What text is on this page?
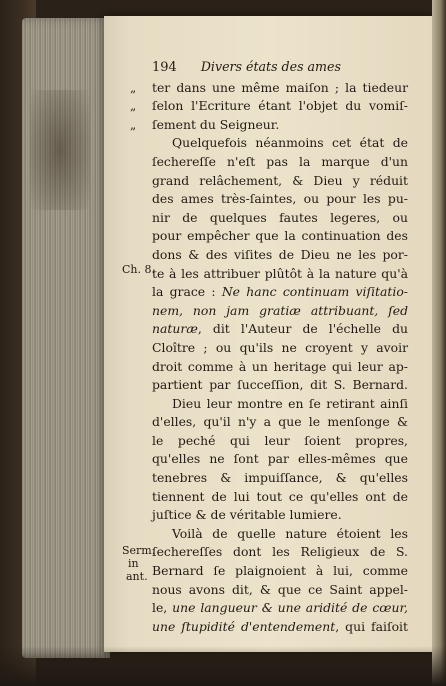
Ch. 8.
Serm.
in
ant.
194 Divers états des ames
„ ter dans une même maiſon ; la tiedeur
„ ſelon l'Ecriture étant l'objet du vomiſ-
„ ſement du Seigneur.
Quelquefois néanmoins cet état de
ſechereſſe n'eſt pas la marque d'un
grand relâchement, & Dieu y réduit
des ames très-ſaintes, ou pour les pu-
nir de quelques fautes legeres, ou
pour empêcher que la continuation des
dons & des viſites de Dieu ne les por-
te à les attribuer plûtôt à la nature qu'à
la grace : Ne hanc continuam viſitatio-
nem, non jam gratiæ attribuant, ſed
naturæ, dit l'Auteur de l'échelle du
Cloître ; ou qu'ils ne croyent y avoir
droit comme à un heritage qui leur ap-
partient par ſucceſſion, dit S. Bernard.
Dieu leur montre en ſe retirant ainſi
d'elles, qu'il n'y a que le menſonge &
le peché qui leur ſoient propres,
qu'elles ne ſont par elles-mêmes que
tenebres & impuiſſance, & qu'elles
tiennent de lui tout ce qu'elles ont de
juſtice & de véritable lumiere.
Voilà de quelle nature étoient les
ſechereſſes dont les Religieux de S.
Bernard ſe plaignoient à lui, comme
nous avons dit, & que ce Saint appel-
le, une langueur & une aridité de cœur,
une ſtupidité d'entendement, qui faiſoit
